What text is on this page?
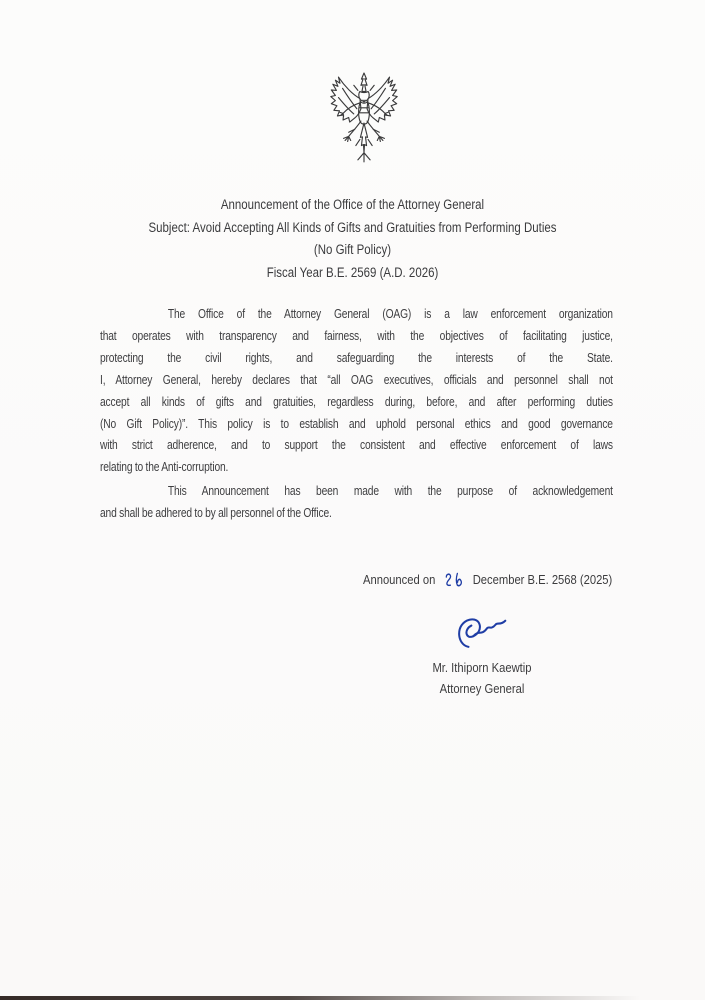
Announcement of the Office of the Attorney General
Subject: Avoid Accepting All Kinds of Gifts and Gratuities from Performing Duties
(No Gift Policy)
Fiscal Year B.E. 2569 (A.D. 2026)
The Office of the Attorney General (OAG) is a law enforcement organization
that operates with transparency and fairness, with the objectives of facilitating justice,
protecting the civil rights, and safeguarding the interests of the State.
I, Attorney General, hereby declares that “all OAG executives, officials and personnel shall not
accept all kinds of gifts and gratuities, regardless during, before, and after performing duties
(No Gift Policy)”. This policy is to establish and uphold personal ethics and good governance
with strict adherence, and to support the consistent and effective enforcement of laws
relating to the Anti-corruption.
This Announcement has been made with the purpose of acknowledgement
and shall be adhered to by all personnel of the Office.
Announced on	December B.E. 2568 (2025)
Mr. Ithiporn Kaewtip
Attorney General
